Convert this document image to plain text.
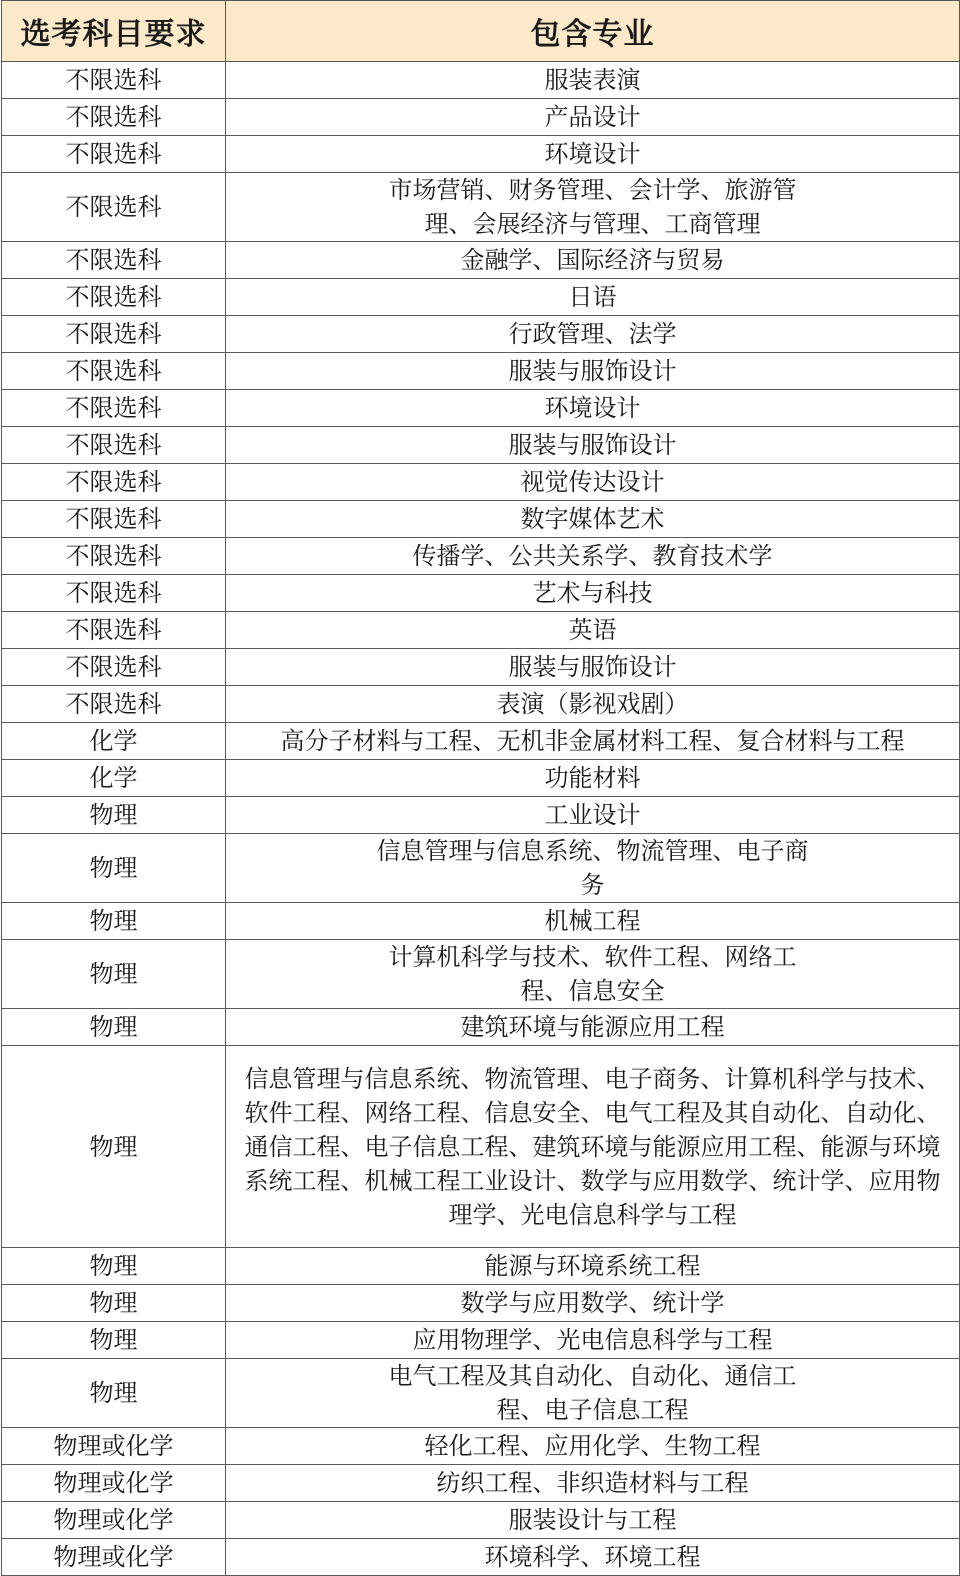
选考科目要求	包含专业
不限选科	服装表演
不限选科	产品设计
不限选科	环境设计
不限选科	市场营销、财务管理、会计学、旅游管理、会展经济与管理、工商管理
不限选科	金融学、国际经济与贸易
不限选科	日语
不限选科	行政管理、法学
不限选科	服装与服饰设计
不限选科	环境设计
不限选科	服装与服饰设计
不限选科	视觉传达设计
不限选科	数字媒体艺术
不限选科	传播学、公共关系学、教育技术学
不限选科	艺术与科技
不限选科	英语
不限选科	服装与服饰设计
不限选科	表演（影视戏剧）
化学	高分子材料与工程、无机非金属材料工程、复合材料与工程
化学	功能材料
物理	工业设计
物理	信息管理与信息系统、物流管理、电子商务
物理	机械工程
物理	计算机科学与技术、软件工程、网络工程、信息安全
物理	建筑环境与能源应用工程
物理	信息管理与信息系统、物流管理、电子商务、计算机科学与技术、软件工程、网络工程、信息安全、电气工程及其自动化、自动化、通信工程、电子信息工程、建筑环境与能源应用工程、能源与环境系统工程、机械工程工业设计、数学与应用数学、统计学、应用物理学、光电信息科学与工程
物理	能源与环境系统工程
物理	数学与应用数学、统计学
物理	应用物理学、光电信息科学与工程
物理	电气工程及其自动化、自动化、通信工程、电子信息工程
物理或化学	轻化工程、应用化学、生物工程
物理或化学	纺织工程、非织造材料与工程
物理或化学	服装设计与工程
物理或化学	环境科学、环境工程
